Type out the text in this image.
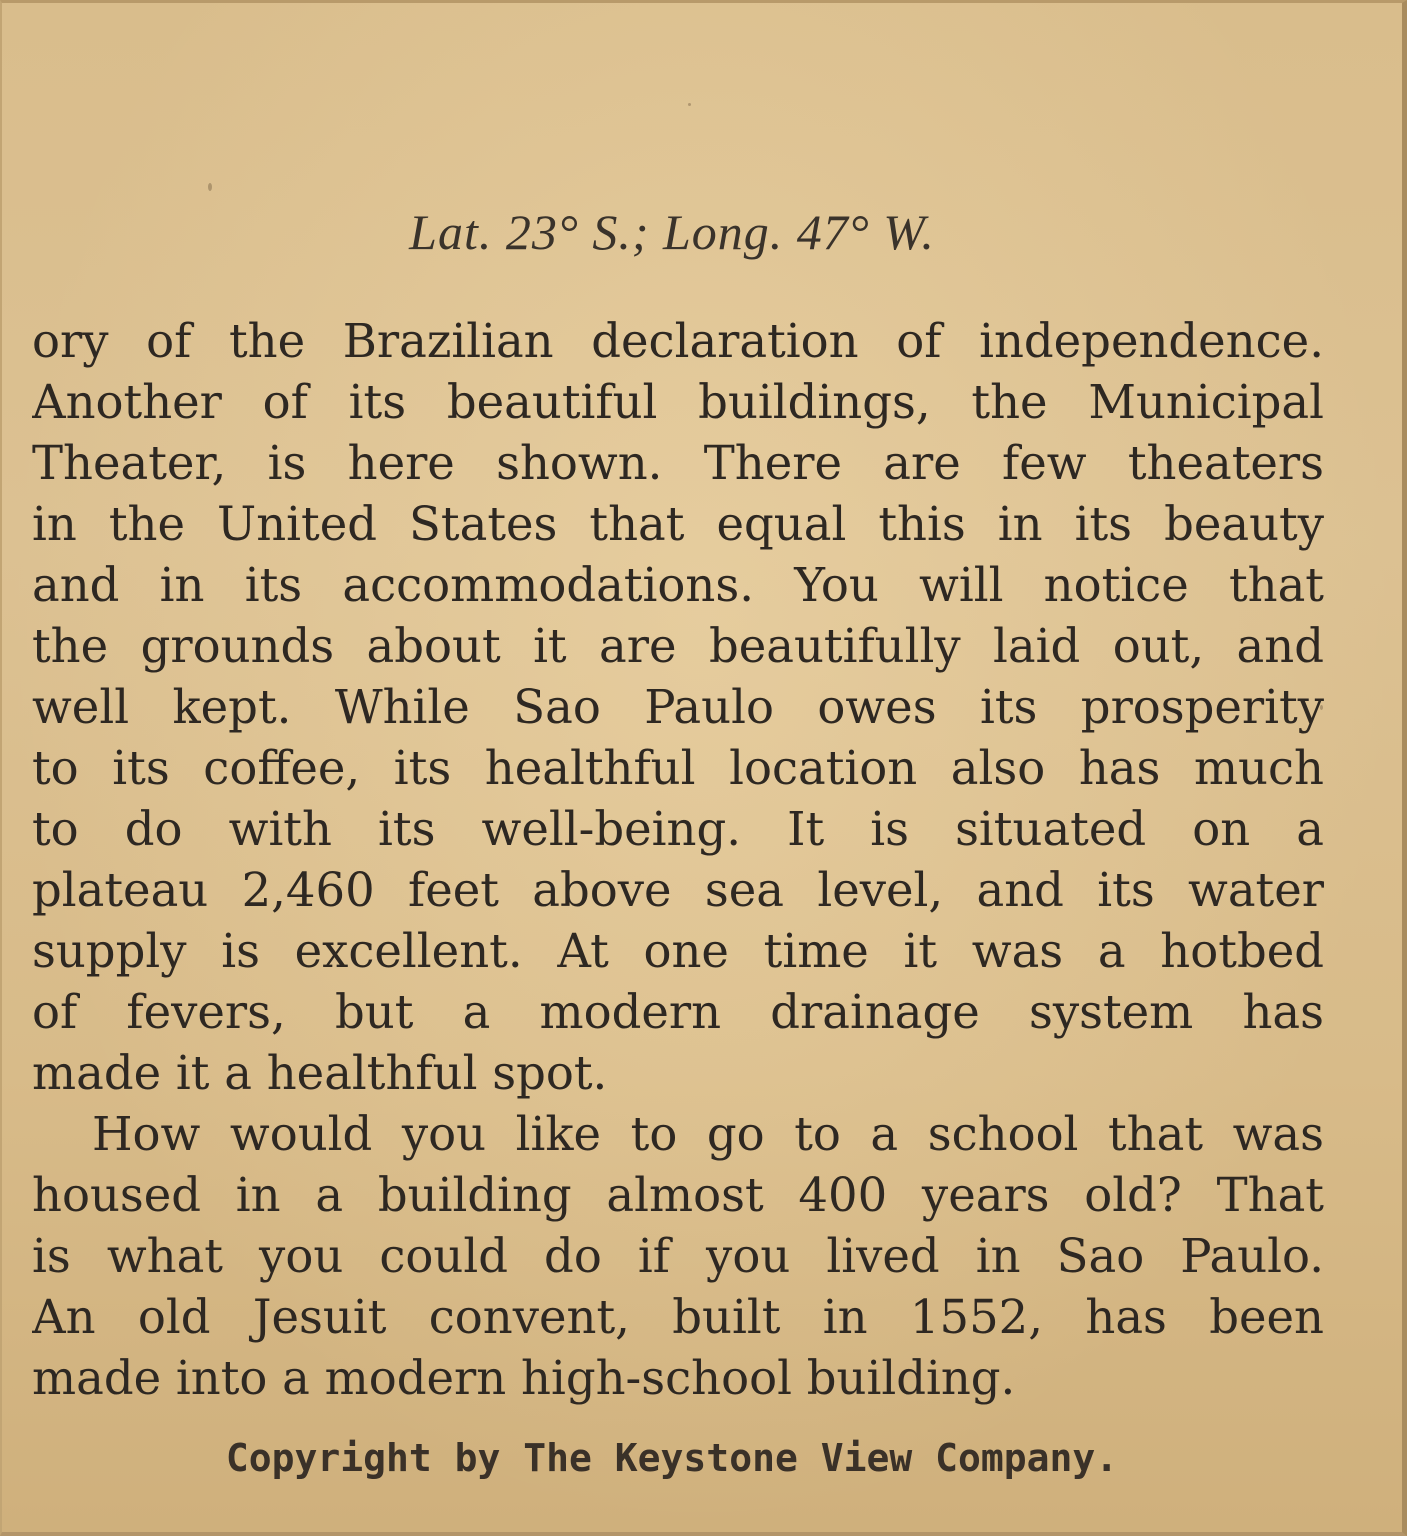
Lat. 23° S.; Long. 47° W.
ory of the Brazilian declaration of independence.
Another of its beautiful buildings, the Municipal
Theater, is here shown. There are few theaters
in the United States that equal this in its beauty
and in its accommodations. You will notice that
the grounds about it are beautifully laid out, and
well kept. While Sao Paulo owes its prosperity
to its coffee, its healthful location also has much
to do with its well-being. It is situated on a
plateau 2,460 feet above sea level, and its water
supply is excellent. At one time it was a hotbed
of fevers, but a modern drainage system has
made it a healthful spot.
How would you like to go to a school that was
housed in a building almost 400 years old? That
is what you could do if you lived in Sao Paulo.
An old Jesuit convent, built in 1552, has been
made into a modern high-school building.
Copyright by The Keystone View Company.
